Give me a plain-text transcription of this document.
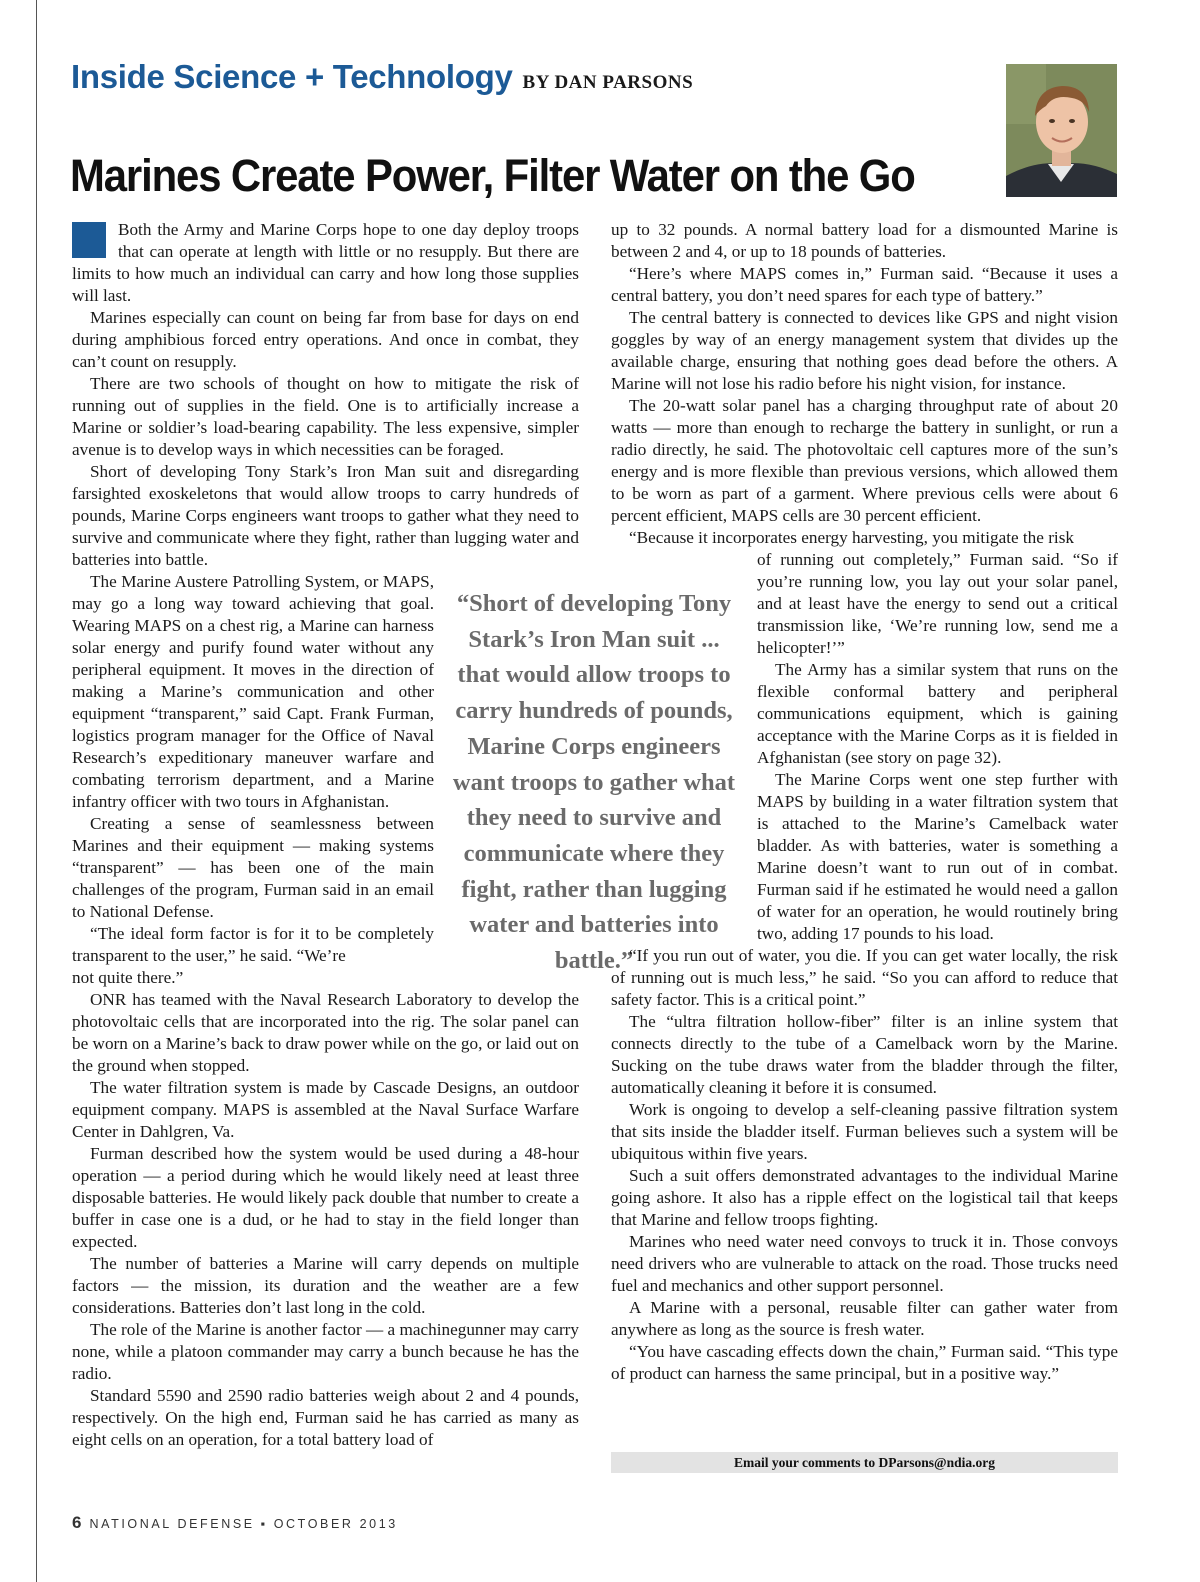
Inside Science + Technology BY DAN PARSONS
Marines Create Power, Filter Water on the Go

Both the Army and Marine Corps hope to one day deploy troops that can operate at length with little or no resupply. But there are limits to how much an individual can carry and how long those supplies will last.

Marines especially can count on being far from base for days on end during amphibious forced entry operations. And once in combat, they can’t count on resupply.

There are two schools of thought on how to mitigate the risk of running out of supplies in the field. One is to artificially increase a Marine or soldier’s load-bearing capability. The less expensive, simpler avenue is to develop ways in which necessities can be foraged.

Short of developing Tony Stark’s Iron Man suit and disregarding farsighted exoskeletons that would allow troops to carry hundreds of pounds, Marine Corps engineers want troops to gather what they need to survive and communicate where they fight, rather than lugging water and batteries into battle.

The Marine Austere Patrolling System, or MAPS, may go a long way toward achieving that goal. Wearing MAPS on a chest rig, a Marine can harness solar energy and purify found water without any peripheral equipment. It moves in the direction of making a Marine’s communication and other equipment “transparent,” said Capt. Frank Furman, logistics program manager for the Office of Naval Research’s expeditionary maneuver warfare and combating terrorism department, and a Marine infantry officer with two tours in Afghanistan.

Creating a sense of seamlessness between Marines and their equipment — making systems “transparent” — has been one of the main challenges of the program, Furman said in an email to National Defense.

“The ideal form factor is for it to be completely transparent to the user,” he said. “We’re

not quite there.”

ONR has teamed with the Naval Research Laboratory to develop the photovoltaic cells that are incorporated into the rig. The solar panel can be worn on a Marine’s back to draw power while on the go, or laid out on the ground when stopped.

The water filtration system is made by Cascade Designs, an outdoor equipment company. MAPS is assembled at the Naval Surface Warfare Center in Dahlgren, Va.

Furman described how the system would be used during a 48-hour operation — a period during which he would likely need at least three disposable batteries. He would likely pack double that number to create a buffer in case one is a dud, or he had to stay in the field longer than expected.

The number of batteries a Marine will carry depends on multiple factors — the mission, its duration and the weather are a few considerations. Batteries don’t last long in the cold.

The role of the Marine is another factor — a machinegunner may carry none, while a platoon commander may carry a bunch because he has the radio.

Standard 5590 and 2590 radio batteries weigh about 2 and 4 pounds, respectively. On the high end, Furman said he has carried as many as eight cells on an operation, for a total battery load of

“Short of developing Tony Stark’s Iron Man suit ... that would allow troops to carry hundreds of pounds, Marine Corps engineers want troops to gather what they need to survive and communicate where they fight, rather than lugging water and batteries into battle.”

up to 32 pounds. A normal battery load for a dismounted Marine is between 2 and 4, or up to 18 pounds of batteries.

“Here’s where MAPS comes in,” Furman said. “Because it uses a central battery, you don’t need spares for each type of battery.”

The central battery is connected to devices like GPS and night vision goggles by way of an energy management system that divides up the available charge, ensuring that nothing goes dead before the others. A Marine will not lose his radio before his night vision, for instance.

The 20-watt solar panel has a charging throughput rate of about 20 watts — more than enough to recharge the battery in sunlight, or run a radio directly, he said. The photovoltaic cell captures more of the sun’s energy and is more flexible than previous versions, which allowed them to be worn as part of a garment. Where previous cells were about 6 percent efficient, MAPS cells are 30 percent efficient.

“Because it incorporates energy harvesting, you mitigate the risk

of running out completely,” Furman said. “So if you’re running low, you lay out your solar panel, and at least have the energy to send out a critical transmission like, ‘We’re running low, send me a helicopter!’”

The Army has a similar system that runs on the flexible conformal battery and peripheral communications equipment, which is gaining acceptance with the Marine Corps as it is fielded in Afghanistan (see story on page 32).

The Marine Corps went one step further with MAPS by building in a water filtration system that is attached to the Marine’s Camelback water bladder. As with batteries, water is something a Marine doesn’t want to run out of in combat. Furman said if he estimated he would need a gallon of water for an operation, he would routinely bring two, adding 17 pounds to his load.

“If you run out of water, you die. If you can get water locally, the risk of running out is much less,” he said. “So you can afford to reduce that safety factor. This is a critical point.”

The “ultra filtration hollow-fiber” filter is an inline system that connects directly to the tube of a Camelback worn by the Marine. Sucking on the tube draws water from the bladder through the filter, automatically cleaning it before it is consumed.

Work is ongoing to develop a self-cleaning passive filtration system that sits inside the bladder itself. Furman believes such a system will be ubiquitous within five years.

Such a suit offers demonstrated advantages to the individual Marine going ashore. It also has a ripple effect on the logistical tail that keeps that Marine and fellow troops fighting.

Marines who need water need convoys to truck it in. Those convoys need drivers who are vulnerable to attack on the road. Those trucks need fuel and mechanics and other support personnel.

A Marine with a personal, reusable filter can gather water from anywhere as long as the source is fresh water.

“You have cascading effects down the chain,” Furman said. “This type of product can harness the same principal, but in a positive way.”

Email your comments to DParsons@ndia.org
6 NATIONAL DEFENSE ▪ OCTOBER 2013
